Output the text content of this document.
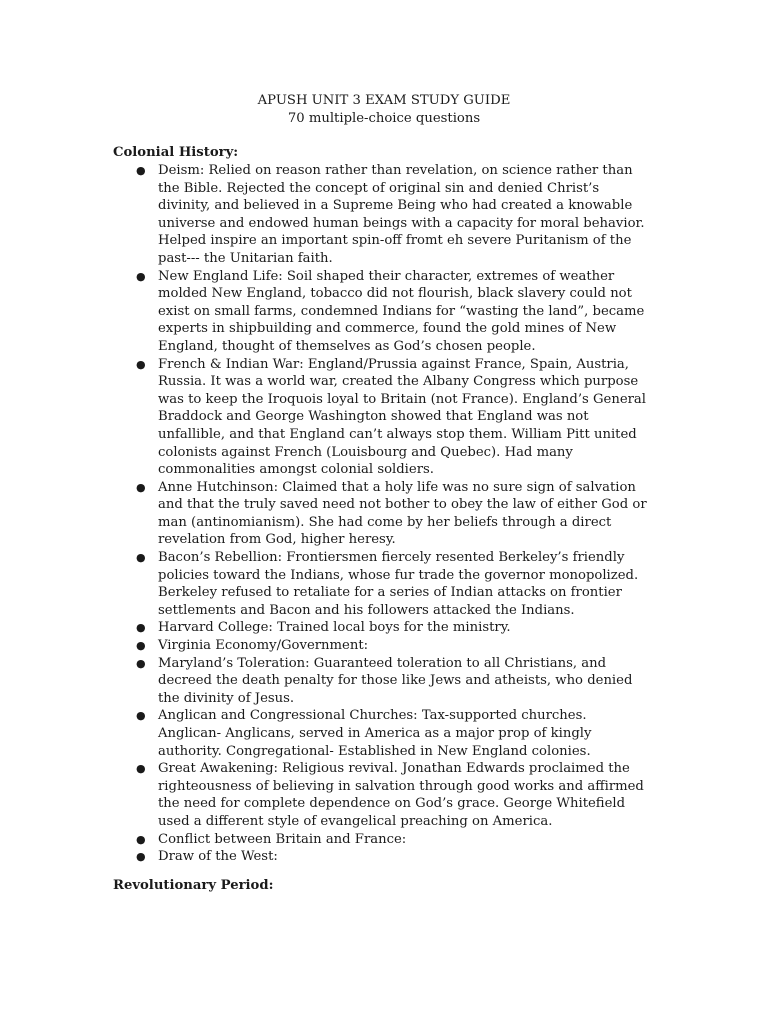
APUSH UNIT 3 EXAM STUDY GUIDE
70 multiple-choice questions
Colonial History:
● Deism: Relied on reason rather than revelation, on science rather than the Bible. Rejected the concept of original sin and denied Christ’s divinity, and believed in a Supreme Being who had created a knowable universe and endowed human beings with a capacity for moral behavior. Helped inspire an important spin-off fromt eh severe Puritanism of the past--- the Unitarian faith.
● New England Life: Soil shaped their character, extremes of weather molded New England, tobacco did not flourish, black slavery could not exist on small farms, condemned Indians for “wasting the land”, became experts in shipbuilding and commerce, found the gold mines of New England, thought of themselves as God’s chosen people.
● French & Indian War: England/Prussia against France, Spain, Austria, Russia. It was a world war, created the Albany Congress which purpose was to keep the Iroquois loyal to Britain (not France). England’s General Braddock and George Washington showed that England was not unfallible, and that England can’t always stop them. William Pitt united colonists against French (Louisbourg and Quebec). Had many commonalities amongst colonial soldiers.
● Anne Hutchinson: Claimed that a holy life was no sure sign of salvation and that the truly saved need not bother to obey the law of either God or man (antinomianism). She had come by her beliefs through a direct revelation from God, higher heresy.
● Bacon’s Rebellion: Frontiersmen fiercely resented Berkeley’s friendly policies toward the Indians, whose fur trade the governor monopolized. Berkeley refused to retaliate for a series of Indian attacks on frontier settlements and Bacon and his followers attacked the Indians.
● Harvard College: Trained local boys for the ministry.
● Virginia Economy/Government:
● Maryland’s Toleration: Guaranteed toleration to all Christians, and decreed the death penalty for those like Jews and atheists, who denied the divinity of Jesus.
● Anglican and Congressional Churches: Tax-supported churches. Anglican- Anglicans, served in America as a major prop of kingly authority. Congregational- Established in New England colonies.
● Great Awakening: Religious revival. Jonathan Edwards proclaimed the righteousness of believing in salvation through good works and affirmed the need for complete dependence on God’s grace. George Whitefield used a different style of evangelical preaching on America.
● Conflict between Britain and France:
● Draw of the West:
Revolutionary Period:
